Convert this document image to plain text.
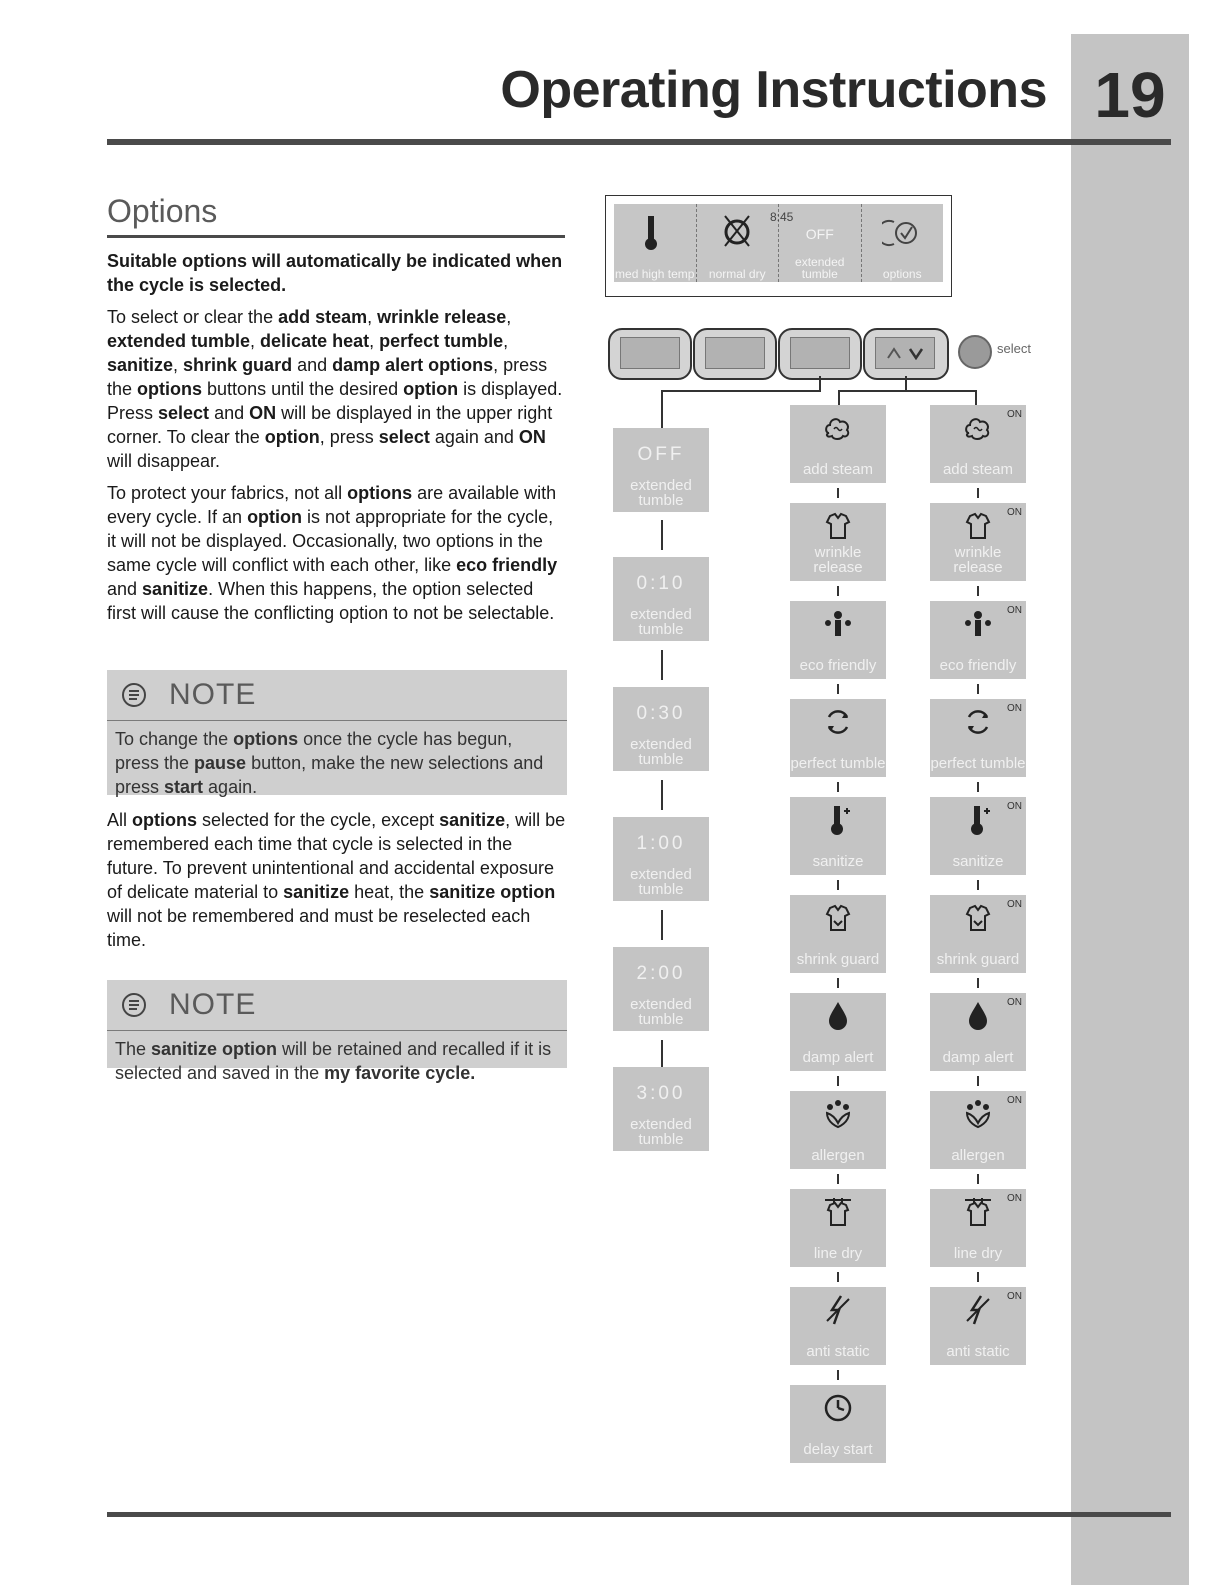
19
Operating Instructions
Options
Suitable options will automatically be indicated when the cycle is selected.
To select or clear the add steam, wrinkle release, extended tumble, delicate heat, perfect tumble, sanitize, shrink guard and damp alert options, press the options buttons until the desired option is displayed. Press select and ON will be displayed in the upper right corner. To clear the option, press select again and ON will disappear.
To protect your fabrics, not all options are available with every cycle. If an option is not appropriate for the cycle, it will not be displayed. Occasionally, two options in the same cycle will conflict with each other, like eco friendly and sanitize. When this happens, the option selected first will cause the conflicting option to not be selectable.
NOTE
To change the options once the cycle has begun, press the pause button, make the new selections and press start again.
All options selected for the cycle, except sanitize, will be remembered each time that cycle is selected in the future. To prevent unintentional and accidental exposure of delicate material to sanitize heat, the sanitize option will not be remembered and must be reselected each time.
NOTE
The sanitize option will be retained and recalled if it is selected and saved in the my favorite cycle.
med high temp	normal dry
OFF
extended tumble	options
8:45
select
OFF
extended tumble
0:10
extended tumble
0:30
extended tumble
1:00
extended tumble
2:00
extended tumble
3:00
extended tumble
add steam
wrinkle release
eco friendly
perfect tumble
sanitize
shrink guard
damp alert
allergen
line dry
anti static
delay start
add steam
ON
wrinkle release
ON
eco friendly
ON
perfect tumble
ON
sanitize
ON
shrink guard
ON
damp alert
ON
allergen
ON
line dry
ON
anti static
ON
